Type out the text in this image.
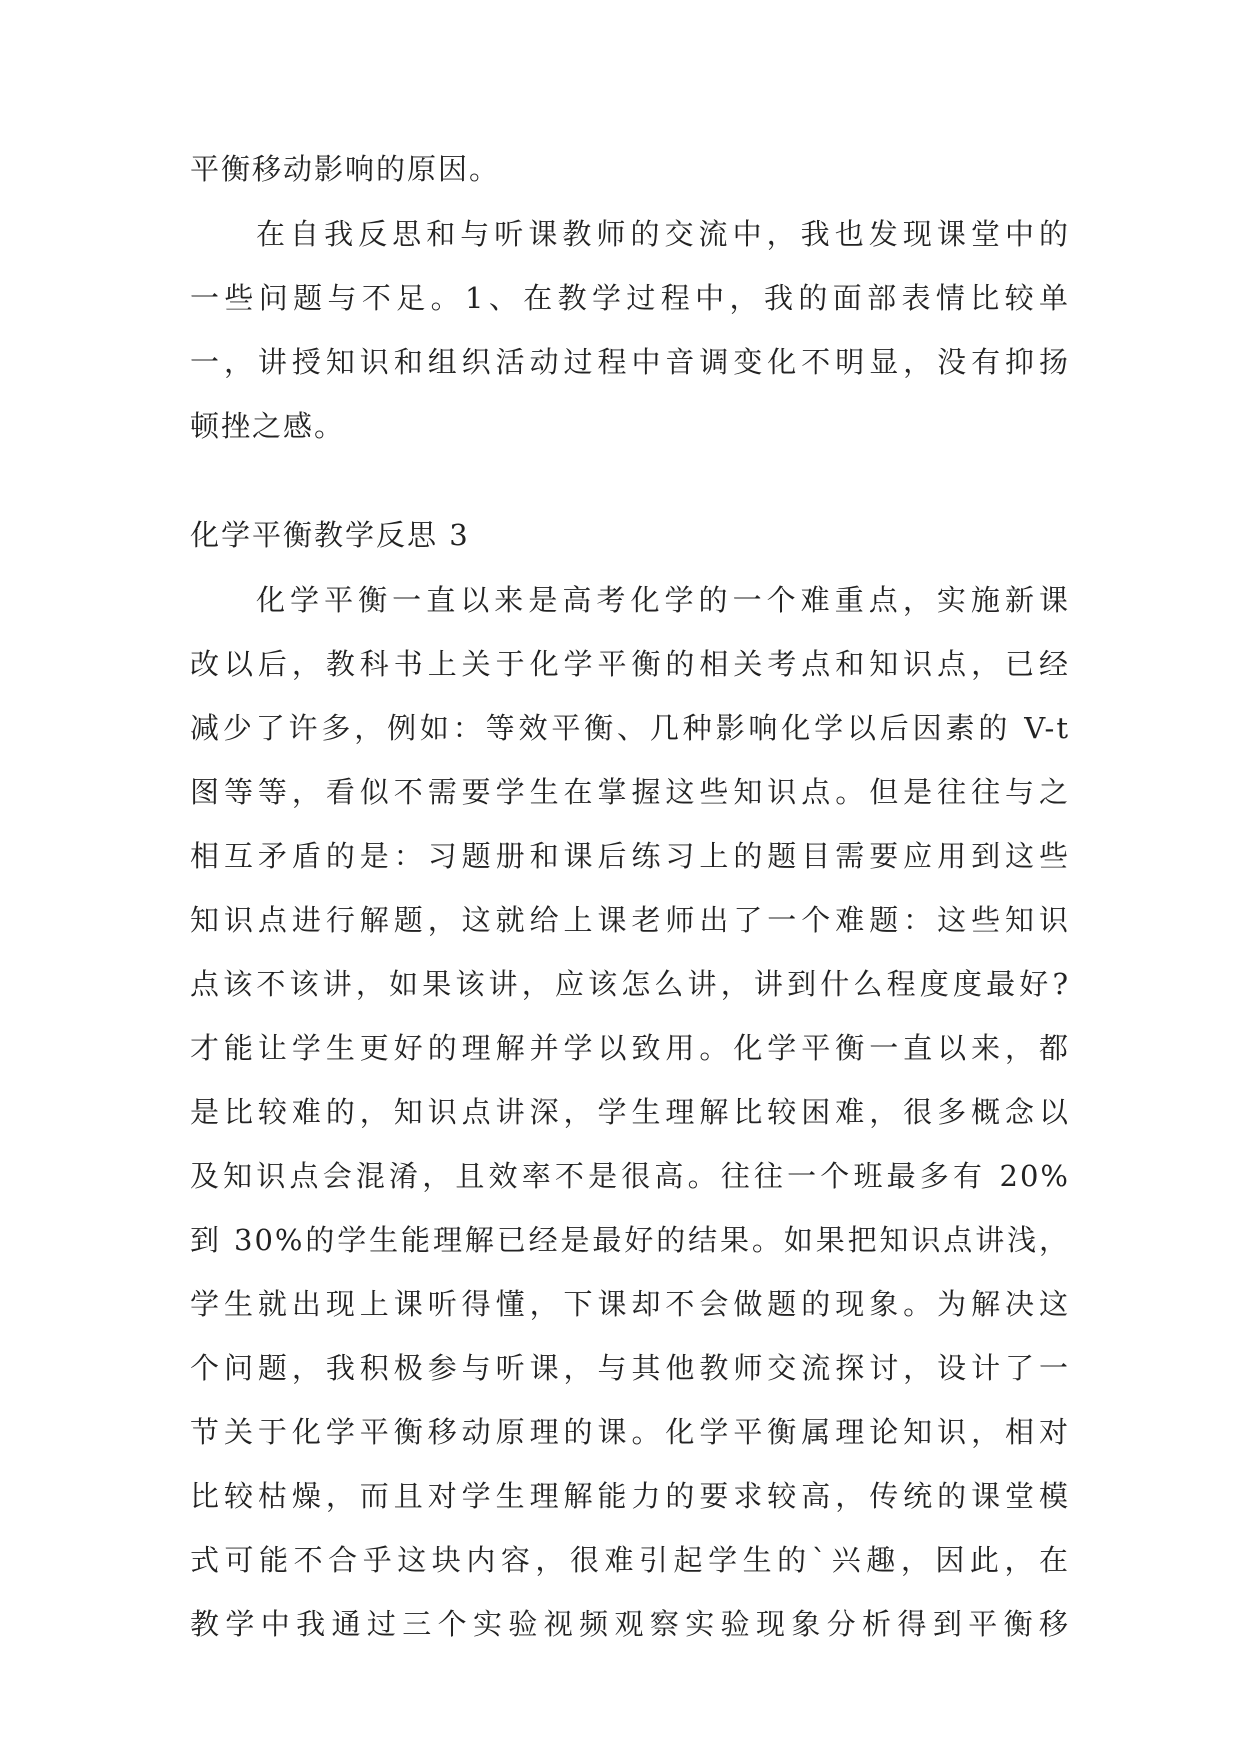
平衡移动影响的原因。
在自我反思和与听课教师的交流中，我也发现课堂中的
一些问题与不足。1、在教学过程中，我的面部表情比较单
一，讲授知识和组织活动过程中音调变化不明显，没有抑扬
顿挫之感。
化学平衡教学反思 3
化学平衡一直以来是高考化学的一个难重点，实施新课
改以后，教科书上关于化学平衡的相关考点和知识点，已经
减少了许多，例如：等效平衡、几种影响化学以后因素的 V-t
图等等，看似不需要学生在掌握这些知识点。但是往往与之
相互矛盾的是：习题册和课后练习上的题目需要应用到这些
知识点进行解题，这就给上课老师出了一个难题：这些知识
点该不该讲，如果该讲，应该怎么讲，讲到什么程度度最好?
才能让学生更好的理解并学以致用。化学平衡一直以来，都
是比较难的，知识点讲深，学生理解比较困难，很多概念以
及知识点会混淆，且效率不是很高。往往一个班最多有 20%
到 30%的学生能理解已经是最好的结果。如果把知识点讲浅，
学生就出现上课听得懂，下课却不会做题的现象。为解决这
个问题，我积极参与听课，与其他教师交流探讨，设计了一
节关于化学平衡移动原理的课。化学平衡属理论知识，相对
比较枯燥，而且对学生理解能力的要求较高，传统的课堂模
式可能不合乎这块内容，很难引起学生的`兴趣，因此，在
教学中我通过三个实验视频观察实验现象分析得到平衡移
